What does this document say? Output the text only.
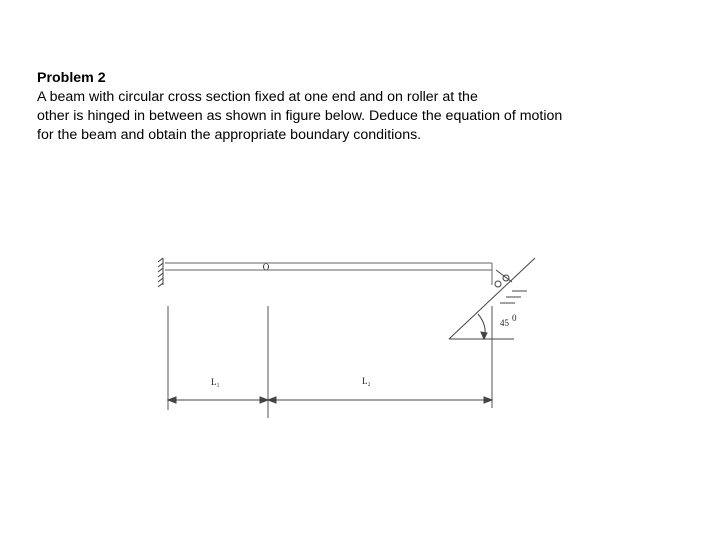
Problem 2
A beam with circular cross section fixed at one end and on roller at the
other is hinged in between as shown in figure below. Deduce the equation of motion
for the beam and obtain the appropriate boundary conditions.
O
45 0
L₁	L₂
